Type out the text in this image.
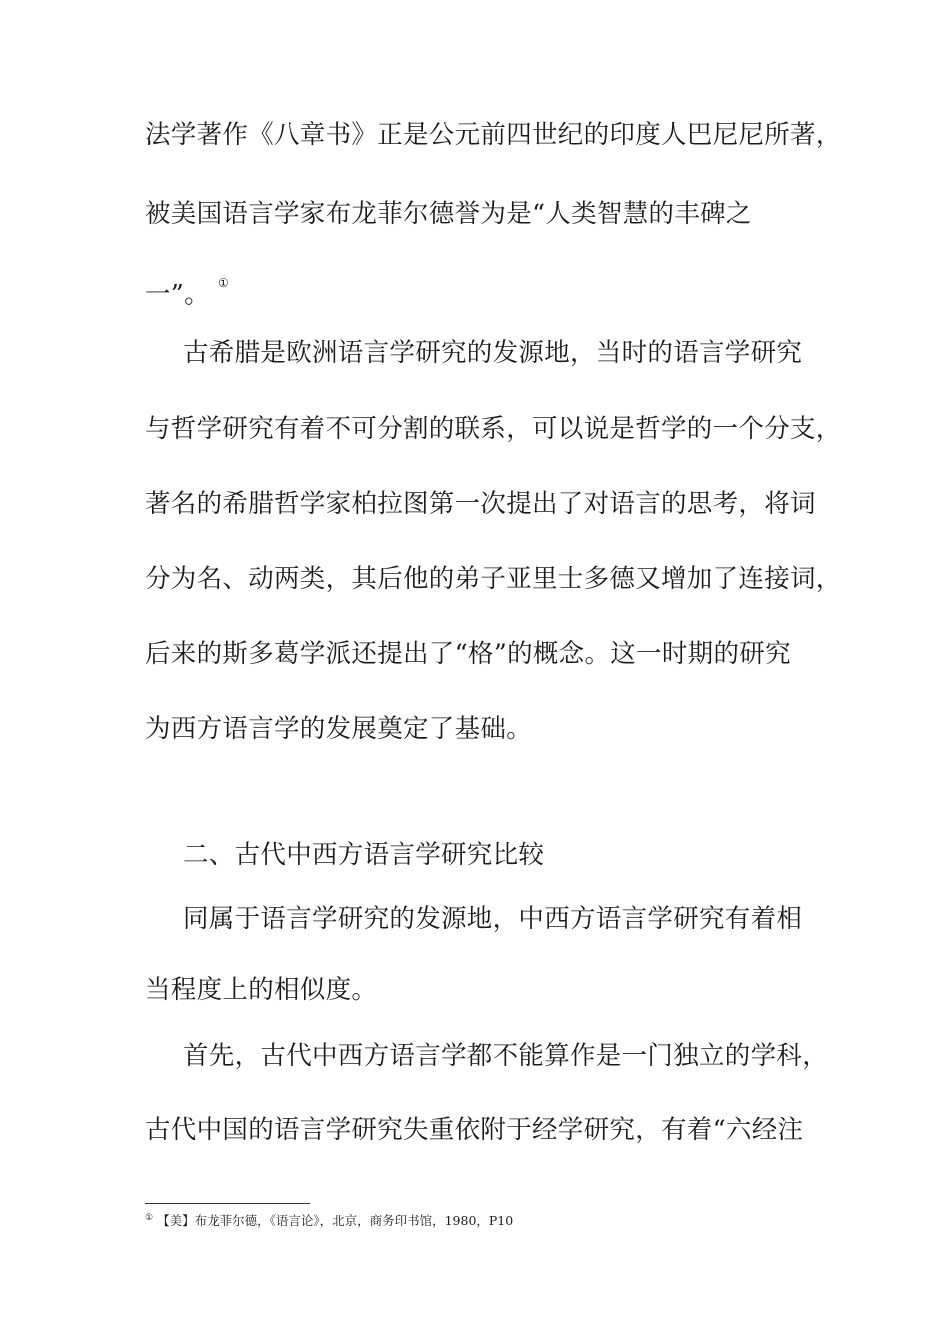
法学著作《八章书》正是公元前四世纪的印度人巴尼尼所著，
被美国语言学家布龙菲尔德誉为是“人类智慧的丰碑之
一”。 ①
古希腊是欧洲语言学研究的发源地，当时的语言学研究
与哲学研究有着不可分割的联系，可以说是哲学的一个分支，
著名的希腊哲学家柏拉图第一次提出了对语言的思考，将词
分为名、动两类，其后他的弟子亚里士多德又增加了连接词，
后来的斯多葛学派还提出了“格”的概念。这一时期的研究
为西方语言学的发展奠定了基础。
二、古代中西方语言学研究比较
同属于语言学研究的发源地，中西方语言学研究有着相
当程度上的相似度。
首先，古代中西方语言学都不能算作是一门独立的学科，
古代中国的语言学研究失重依附于经学研究，有着“六经注
① 【美】布龙菲尔德，《语言论》，北京，商务印书馆，1980，P10
